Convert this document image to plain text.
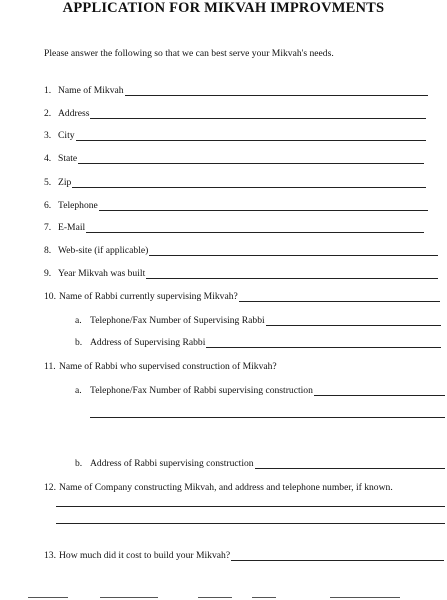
APPLICATION FOR MIKVAH IMPROVMENTS
Please answer the following so that we can best serve your Mikvah's needs.
1. Name of Mikvah
2. Address
3. City
4. State
5. Zip
6. Telephone
7. E-Mail
8. Web-site (if applicable)
9. Year Mikvah was built
10. Name of Rabbi currently supervising Mikvah?
a. Telephone/Fax Number of Supervising Rabbi
b. Address of Supervising Rabbi
11. Name of Rabbi who supervised construction of Mikvah?
a. Telephone/Fax Number of Rabbi supervising construction
b. Address of Rabbi supervising construction
12. Name of Company constructing Mikvah, and address and telephone number, if known.
13. How much did it cost to build your Mikvah?
